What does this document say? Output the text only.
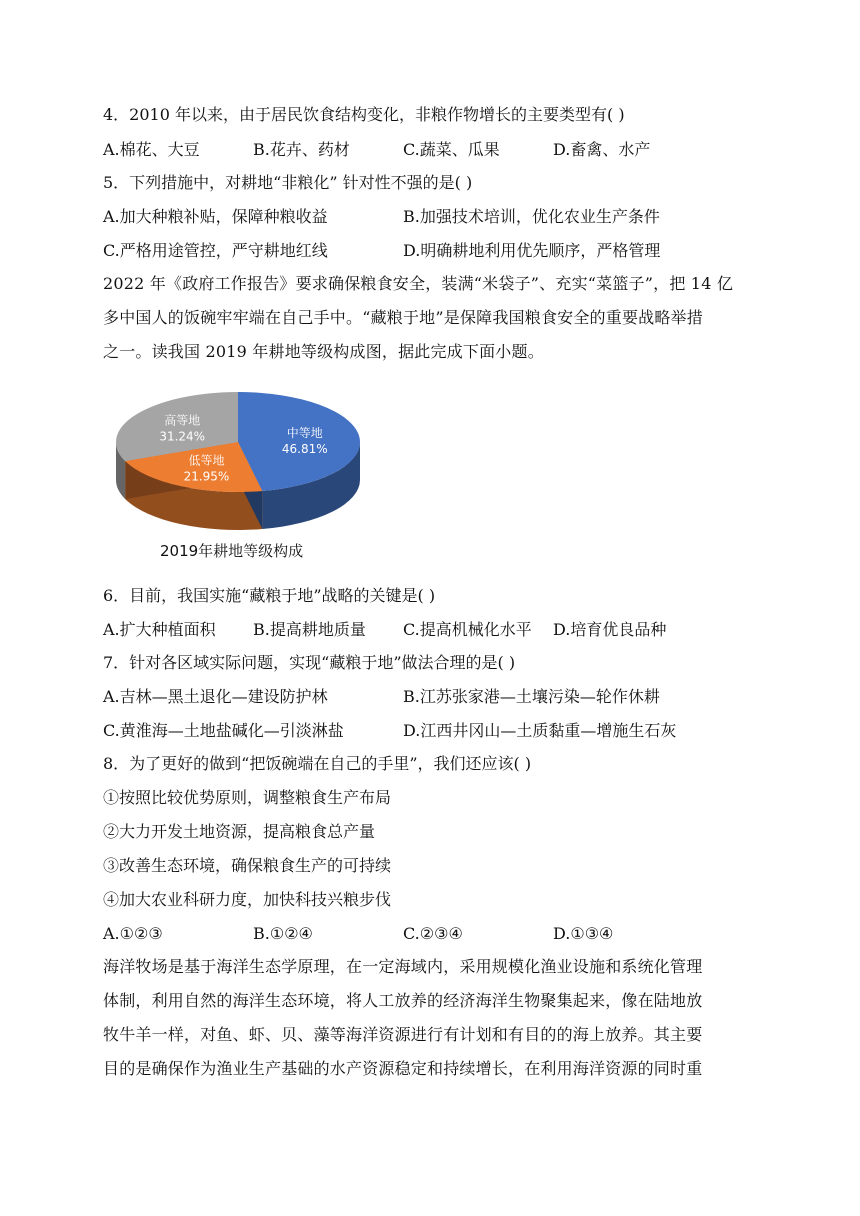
4．2010 年以来，由于居民饮食结构变化，非粮作物增长的主要类型有( )
A.棉花、大豆	B.花卉、药材	C.蔬菜、瓜果	D.畜禽、水产
5．下列措施中，对耕地“非粮化” 针对性不强的是( )
A.加大种粮补贴，保障种粮收益	B.加强技术培训，优化农业生产条件
C.严格用途管控，严守耕地红线	D.明确耕地利用优先顺序，严格管理
2022 年《政府工作报告》要求确保粮食安全，装满“米袋子”、充实“菜篮子”，把 14 亿
多中国人的饭碗牢牢端在自己手中。“藏粮于地”是保障我国粮食安全的重要战略举措
之一。读我国 2019 年耕地等级构成图，据此完成下面小题。
中等地
46.81%
低等地
21.95%
高等地
31.24%
2019年耕地等级构成
6．目前，我国实施“藏粮于地”战略的关键是( )
A.扩大种植面积 B.提高耕地质量 C.提高机械化水平 D.培育优良品种
7．针对各区域实际问题，实现“藏粮于地”做法合理的是( )
A.吉林—黑土退化—建设防护林	B.江苏张家港—土壤污染—轮作休耕
C.黄淮海—土地盐碱化—引淡淋盐	D.江西井冈山—土质黏重—增施生石灰
8．为了更好的做到“把饭碗端在自己的手里”，我们还应该( )
①按照比较优势原则，调整粮食生产布局
②大力开发土地资源，提高粮食总产量
③改善生态环境，确保粮食生产的可持续
④加大农业科研力度，加快科技兴粮步伐
A.①②③	B.①②④	C.②③④	D.①③④
海洋牧场是基于海洋生态学原理，在一定海域内，采用规模化渔业设施和系统化管理
体制，利用自然的海洋生态环境，将人工放养的经济海洋生物聚集起来，像在陆地放
牧牛羊一样，对鱼、虾、贝、藻等海洋资源进行有计划和有目的的海上放养。其主要
目的是确保作为渔业生产基础的水产资源稳定和持续增长，在利用海洋资源的同时重
